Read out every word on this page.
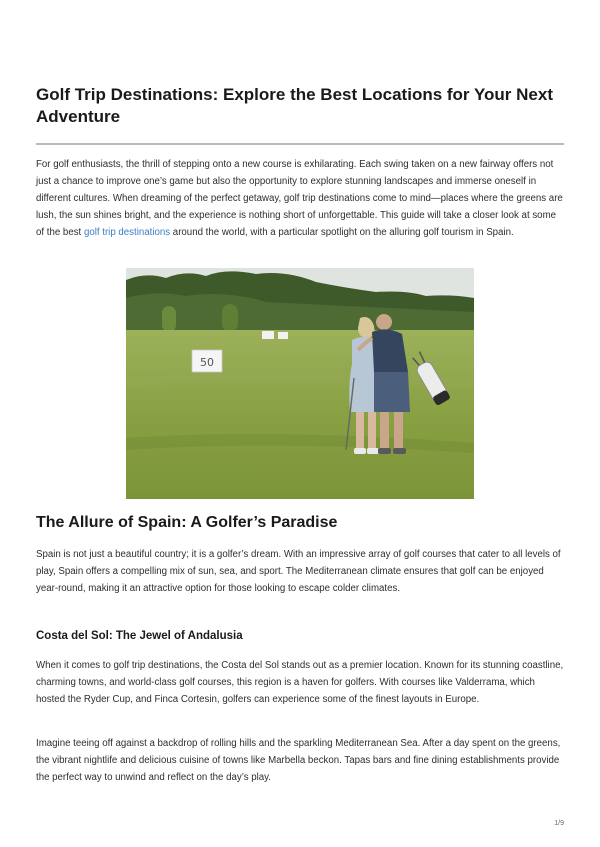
Golf Trip Destinations: Explore the Best Locations for Your Next Adventure

For golf enthusiasts, the thrill of stepping onto a new course is exhilarating. Each swing taken on a new fairway offers not just a chance to improve one’s game but also the opportunity to explore stunning landscapes and immerse oneself in different cultures. When dreaming of the perfect getaway, golf trip destinations come to mind—places where the greens are lush, the sun shines bright, and the experience is nothing short of unforgettable. This guide will take a closer look at some of the best golf trip destinations around the world, with a particular spotlight on the alluring golf tourism in Spain.

50
The Allure of Spain: A Golfer’s Paradise

Spain is not just a beautiful country; it is a golfer’s dream. With an impressive array of golf courses that cater to all levels of play, Spain offers a compelling mix of sun, sea, and sport. The Mediterranean climate ensures that golf can be enjoyed year-round, making it an attractive option for those looking to escape colder climates.

Costa del Sol: The Jewel of Andalusia

When it comes to golf trip destinations, the Costa del Sol stands out as a premier location. Known for its stunning coastline, charming towns, and world-class golf courses, this region is a haven for golfers. With courses like Valderrama, which hosted the Ryder Cup, and Finca Cortesin, golfers can experience some of the finest layouts in Europe.

Imagine teeing off against a backdrop of rolling hills and the sparkling Mediterranean Sea. After a day spent on the greens, the vibrant nightlife and delicious cuisine of towns like Marbella beckon. Tapas bars and fine dining establishments provide the perfect way to unwind and reflect on the day’s play.

1/9
